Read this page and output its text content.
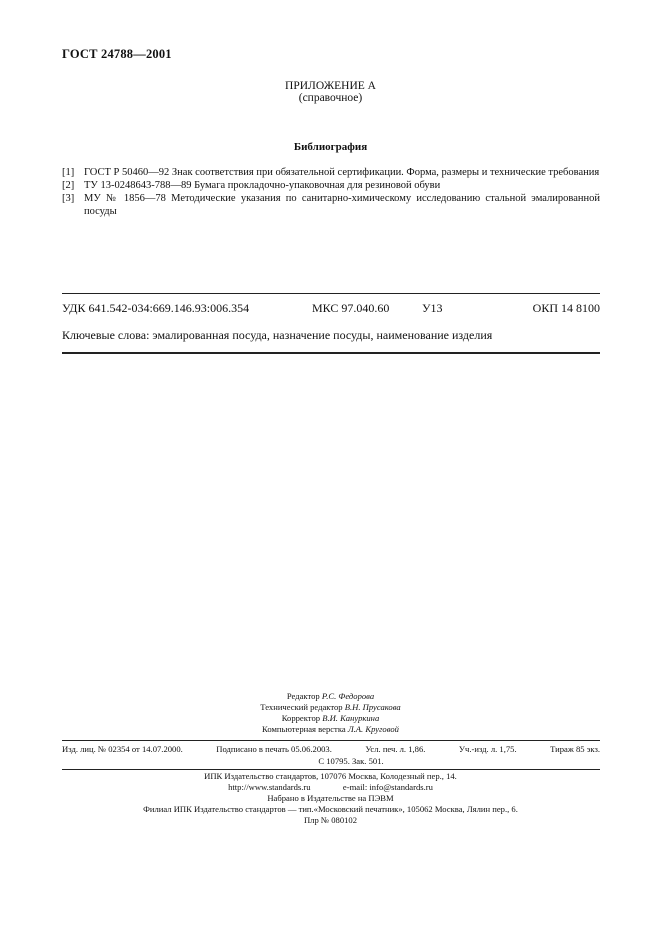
ГОСТ 24788—2001
ПРИЛОЖЕНИЕ А
(справочное)
Библиография
[1] ГОСТ Р 50460—92 Знак соответствия при обязательной сертификации. Форма, размеры и технические требования
[2] ТУ 13-0248643-788—89 Бумага прокладочно-упаковочная для резиновой обуви
[3] МУ № 1856—78 Методические указания по санитарно-химическому исследованию стальной эмалированной посуды
УДК 641.542-034:669.146.93:006.354	МКС 97.040.60	У13	ОКП 14 8100
Ключевые слова: эмалированная посуда, назначение посуды, наименование изделия
Редактор Р.С. Федорова
Технический редактор В.Н. Прусакова
Корректор В.И. Кануркина
Компьютерная верстка Л.А. Круговой
Изд. лиц. № 02354 от 14.07.2000.	Подписано в печать 05.06.2003.	Усл. печ. л. 1,86.	Уч.-изд. л. 1,75.	Тираж 85 экз.
С 10795. Зак. 501.
ИПК Издательство стандартов, 107076 Москва, Колодезный пер., 14.
http://www.standards.ru	e-mail: info@standards.ru
Набрано в Издательстве на ПЭВМ
Филиал ИПК Издательство стандартов — тип.«Московский печатник», 105062 Москва, Лялин пер., 6.
Плр № 080102
